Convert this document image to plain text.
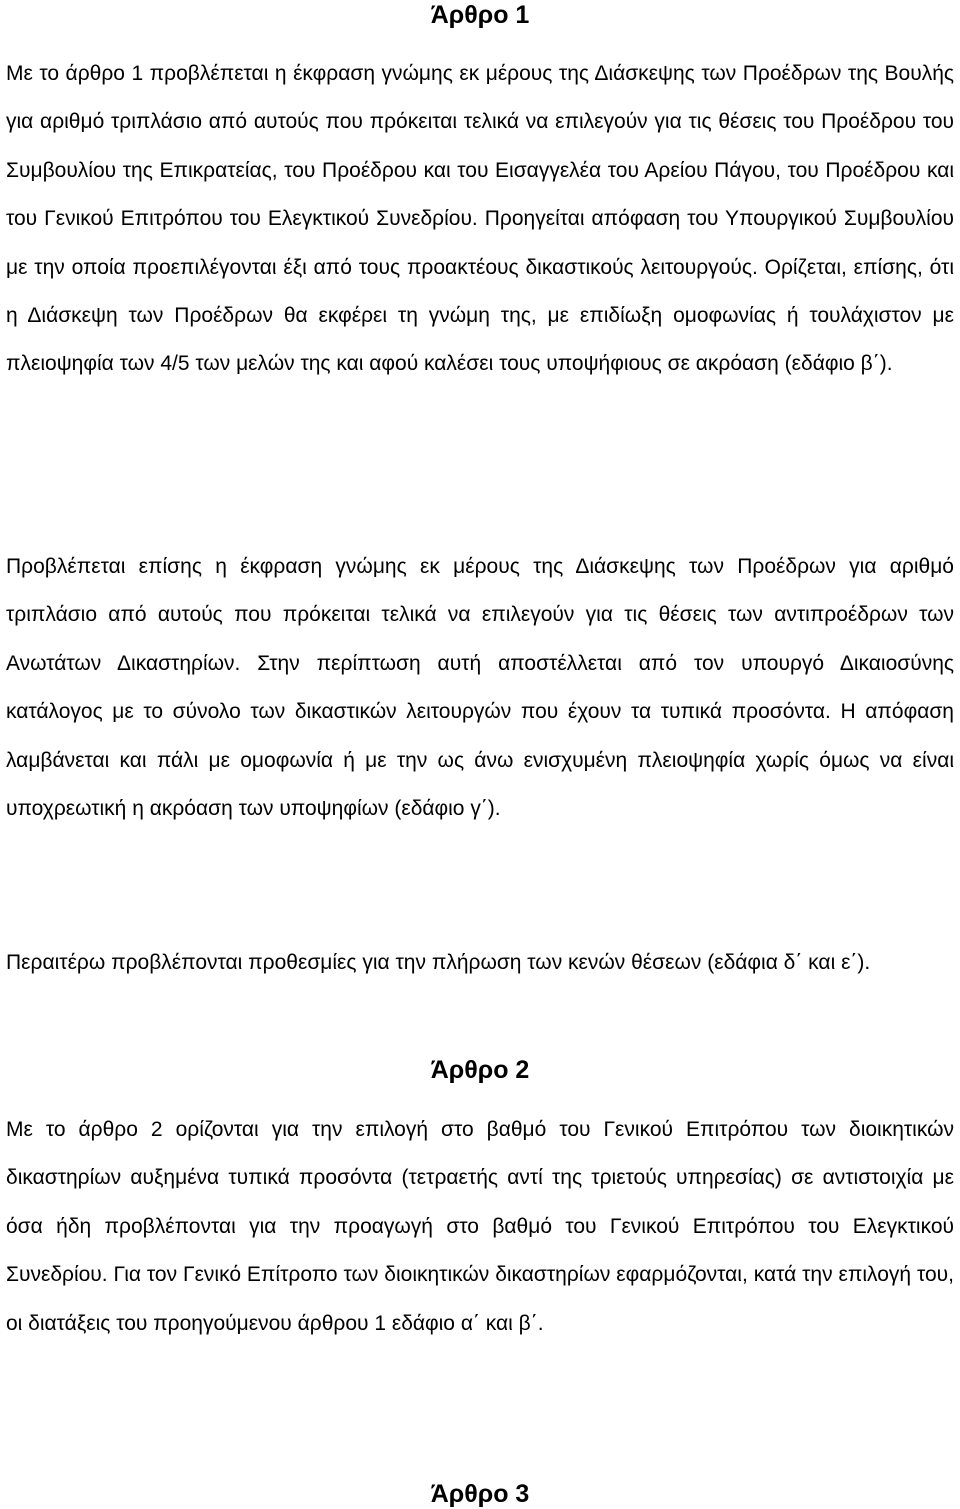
Άρθρο 1

Με το άρθρο 1 προβλέπεται η έκφραση γνώμης εκ μέρους της Διάσκεψης των Προέδρων της Βουλής για αριθμό τριπλάσιο από αυτούς που πρόκειται τελικά να επιλεγούν για τις θέσεις του Προέδρου του Συμβουλίου της Επικρατείας, του Προέδρου και του Εισαγγελέα του Αρείου Πάγου, του Προέδρου και του Γενικού Επιτρόπου του Ελεγκτικού Συνεδρίου. Προηγείται απόφαση του Υπουργικού Συμβουλίου με την οποία προεπιλέγονται έξι από τους προακτέους δικαστικούς λειτουργούς. Ορίζεται, επίσης, ότι η Διάσκεψη των Προέδρων θα εκφέρει τη γνώμη της, με επιδίωξη ομοφωνίας ή τουλάχιστον με πλειοψηφία των 4/5 των μελών της και αφού καλέσει τους υποψήφιους σε ακρόαση (εδάφιο β΄).

Προβλέπεται επίσης η έκφραση γνώμης εκ μέρους της Διάσκεψης των Προέδρων για αριθμό τριπλάσιο από αυτούς που πρόκειται τελικά να επιλεγούν για τις θέσεις των αντιπροέδρων των Ανωτάτων Δικαστηρίων. Στην περίπτωση αυτή αποστέλλεται από τον υπουργό Δικαιοσύνης κατάλογος με το σύνολο των δικαστικών λειτουργών που έχουν τα τυπικά προσόντα. Η απόφαση λαμβάνεται και πάλι με ομοφωνία ή με την ως άνω ενισχυμένη πλειοψηφία χωρίς όμως να είναι υποχρεωτική η ακρόαση των υποψηφίων (εδάφιο γ΄).

Περαιτέρω προβλέπονται προθεσμίες για την πλήρωση των κενών θέσεων (εδάφια δ΄ και ε΄).

Άρθρο 2

Με το άρθρο 2 ορίζονται για την επιλογή στο βαθμό του Γενικού Επιτρόπου των διοικητικών δικαστηρίων αυξημένα τυπικά προσόντα (τετραετής αντί της τριετούς υπηρεσίας) σε αντιστοιχία με όσα ήδη προβλέπονται για την προαγωγή στο βαθμό του Γενικού Επιτρόπου του Ελεγκτικού Συνεδρίου. Για τον Γενικό Επίτροπο των διοικητικών δικαστηρίων εφαρμόζονται, κατά την επιλογή του, οι διατάξεις του προηγούμενου άρθρου 1 εδάφιο α΄ και β΄.

Άρθρο 3
